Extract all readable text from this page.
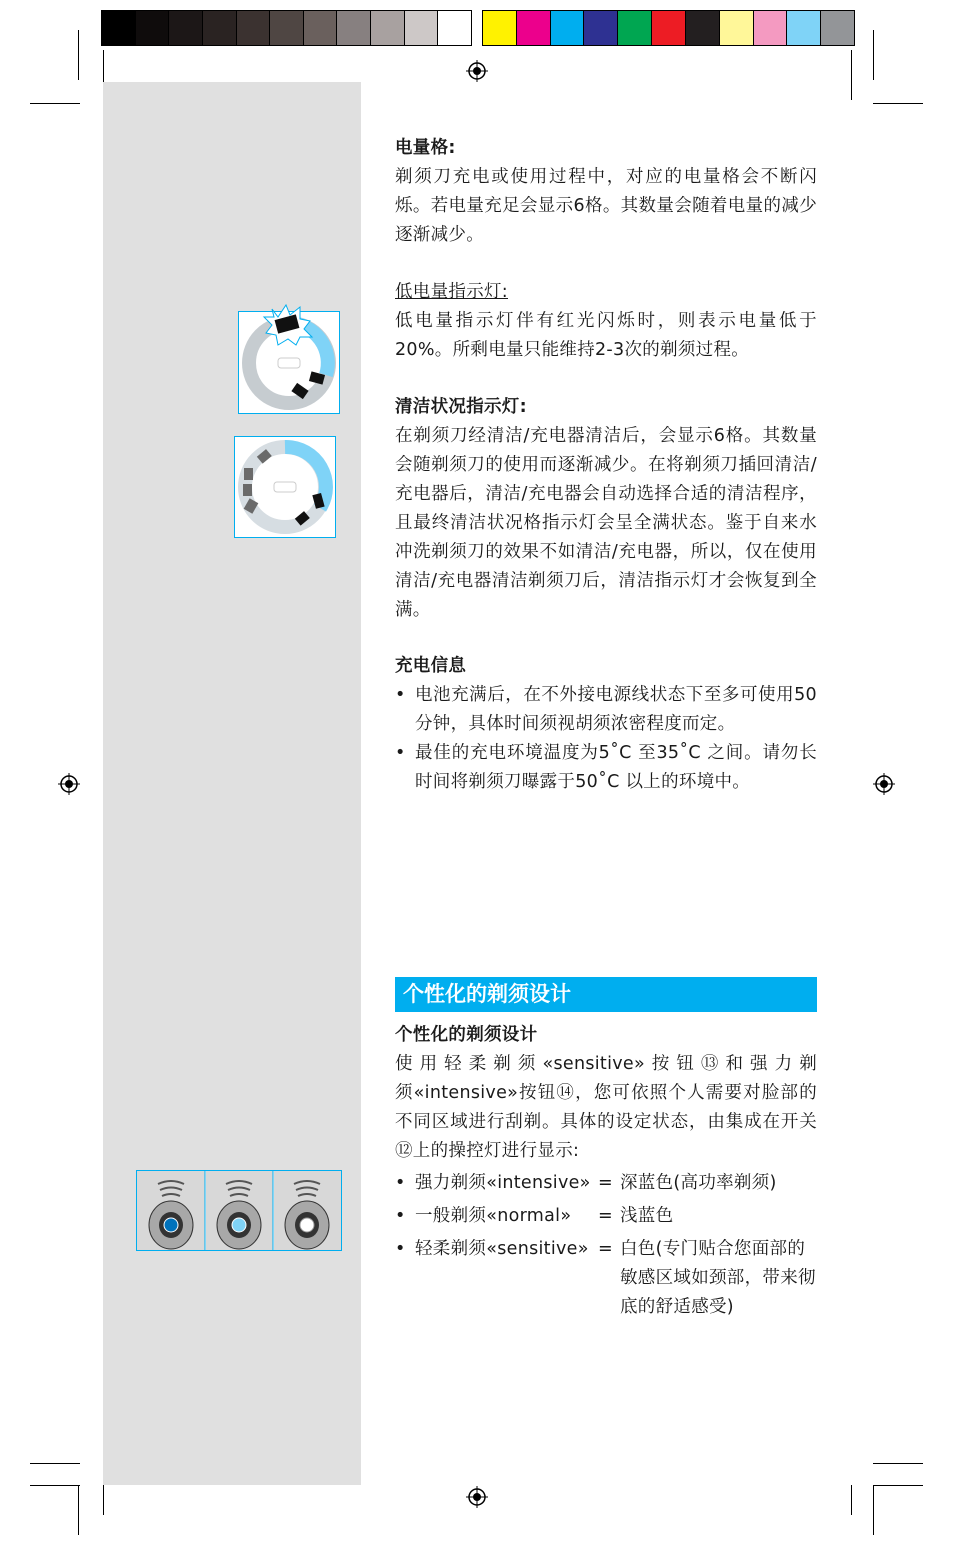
电量格:

剃须刀充电或使用过程中，对应的电量格会不断闪烁。若电量充足会显示6格。其数量会随着电量的减少逐渐减少。

低电量指示灯:

低电量指示灯伴有红光闪烁时，则表示电量低于20%。所剩电量只能维持2-3次的剃须过程。

清洁状况指示灯:

在剃须刀经清洁/充电器清洁后，会显示6格。其数量会随剃须刀的使用而逐渐减少。在将剃须刀插回清洁/充电器后，清洁/充电器会自动选择合适的清洁程序，且最终清洁状况格指示灯会呈全满状态。鉴于自来水冲洗剃须刀的效果不如清洁/充电器，所以，仅在使用清洁/充电器清洁剃须刀后，清洁指示灯才会恢复到全满。

充电信息
• 电池充满后，在不外接电源线状态下至多可使用50分钟，具体时间须视胡须浓密程度而定。

• 最佳的充电环境温度为5˚C 至35˚C 之间。请勿长时间将剃须刀曝露于50˚C 以上的环境中。

个性化的剃须设计

使用轻柔剃须«sensitive»按钮⑬和强力剃须«intensive»按钮⑭，您可依照个人需要对脸部的不同区域进行刮剃。具体的设定状态，由集成在开关⑫上的操控灯进行显示:

• 强力剃须«intensive» = 深蓝色(高功率剃须)
• 一般剃须«normal»	= 浅蓝色
• 轻柔剃须«sensitive» = 白色(专门贴合您面部的敏感区域如颈部，带来彻底的舒适感受)
个性化的剃须设计
